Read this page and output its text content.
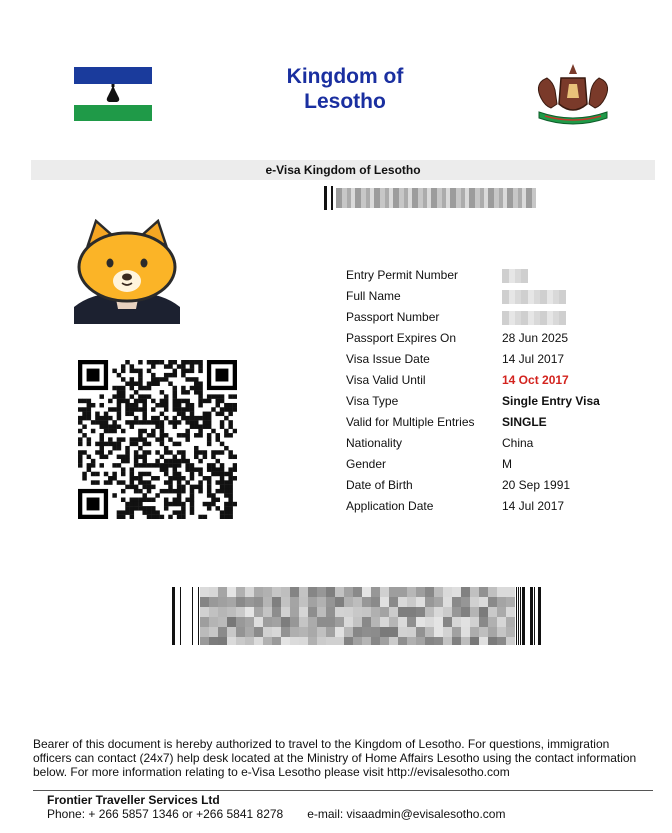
Kingdom of
Lesotho
e-Visa Kingdom of Lesotho
Entry Permit Number
Full Name
Passport Number
Passport Expires On	28 Jun 2025
Visa Issue Date	14 Jul 2017
Visa Valid Until	14 Oct 2017
Visa Type	Single Entry Visa
Valid for Multiple Entries	SINGLE
Nationality	China
Gender	M
Date of Birth	20 Sep 1991
Application Date	14 Jul 2017
Bearer of this document is hereby authorized to travel to the Kingdom of Lesotho. For questions, immigration officers can contact (24x7) help desk located at the Ministry of Home Affairs Lesotho using the contact information below. For more information relating to e-Visa Lesotho please visit http://evisalesotho.com
Frontier Traveller Services Ltd
Phone: + 266 5857 1346 or +266 5841 8278 e-mail: visaadmin@evisalesotho.com
